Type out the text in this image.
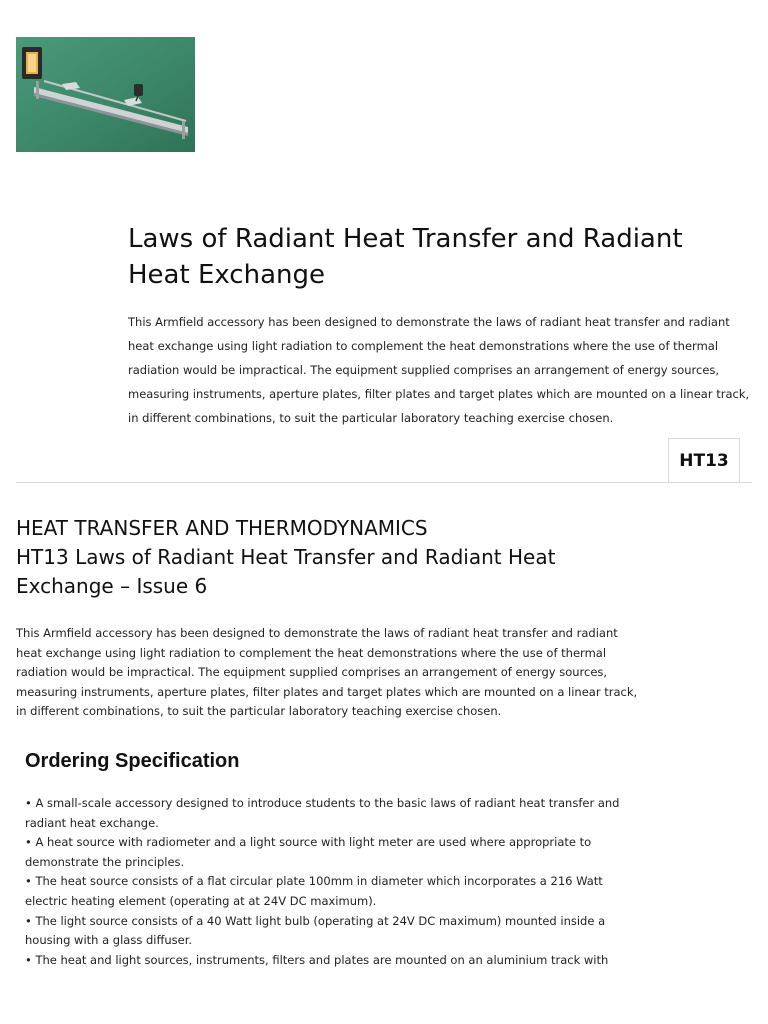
Laws of Radiant Heat Transfer and Radiant Heat Exchange

This Armfield accessory has been designed to demonstrate the laws of radiant heat transfer and radiant heat exchange using light radiation to complement the heat demonstrations where the use of thermal radiation would be impractical. The equipment supplied comprises an arrangement of energy sources, measuring instruments, aperture plates, filter plates and target plates which are mounted on a linear track, in different combinations, to suit the particular laboratory teaching exercise chosen.

HT13
HEAT TRANSFER AND THERMODYNAMICS
HT13 Laws of Radiant Heat Transfer and Radiant Heat Exchange – Issue 6

This Armfield accessory has been designed to demonstrate the laws of radiant heat transfer and radiant heat exchange using light radiation to complement the heat demonstrations where the use of thermal radiation would be impractical. The equipment supplied comprises an arrangement of energy sources, measuring instruments, aperture plates, filter plates and target plates which are mounted on a linear track, in different combinations, to suit the particular laboratory teaching exercise chosen.

Ordering Specification
• A small-scale accessory designed to introduce students to the basic laws of radiant heat transfer and radiant heat exchange.
• A heat source with radiometer and a light source with light meter are used where appropriate to demonstrate the principles.
• The heat source consists of a flat circular plate 100mm in diameter which incorporates a 216 Watt electric heating element (operating at at 24V DC maximum).
• The light source consists of a 40 Watt light bulb (operating at 24V DC maximum) mounted inside a housing with a glass diffuser.
• The heat and light sources, instruments, filters and plates are mounted on an aluminium track with
